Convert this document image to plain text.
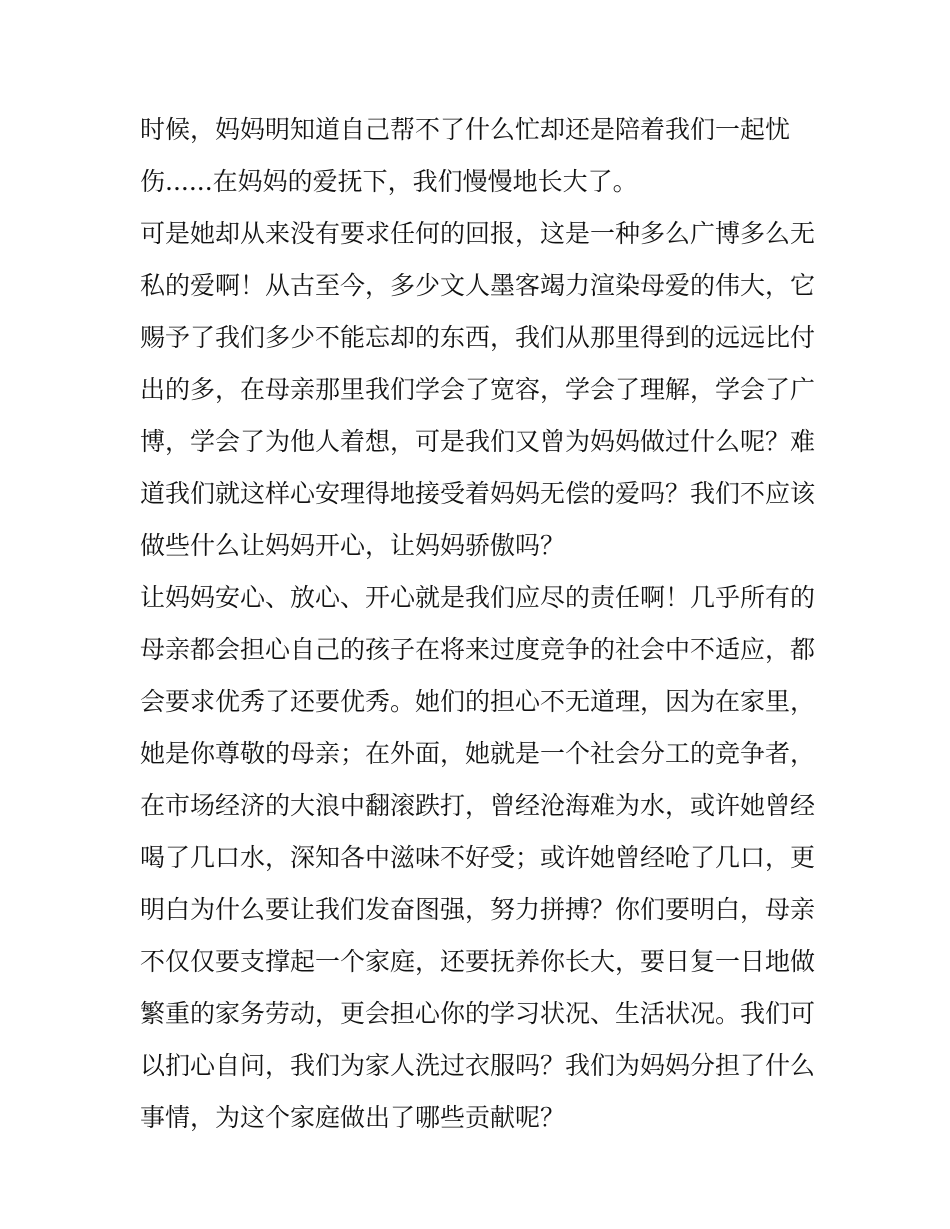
时候，妈妈明知道自己帮不了什么忙却还是陪着我们一起忧
伤......在妈妈的爱抚下，我们慢慢地长大了。
可是她却从来没有要求任何的回报，这是一种多么广博多么无
私的爱啊！从古至今，多少文人墨客竭力渲染母爱的伟大，它
赐予了我们多少不能忘却的东西，我们从那里得到的远远比付
出的多，在母亲那里我们学会了宽容，学会了理解，学会了广
博，学会了为他人着想，可是我们又曾为妈妈做过什么呢？难
道我们就这样心安理得地接受着妈妈无偿的爱吗？我们不应该
做些什么让妈妈开心，让妈妈骄傲吗？
让妈妈安心、放心、开心就是我们应尽的责任啊！几乎所有的
母亲都会担心自己的孩子在将来过度竞争的社会中不适应，都
会要求优秀了还要优秀。她们的担心不无道理，因为在家里，
她是你尊敬的母亲；在外面，她就是一个社会分工的竞争者，
在市场经济的大浪中翻滚跌打，曾经沧海难为水，或许她曾经
喝了几口水，深知各中滋味不好受；或许她曾经呛了几口，更
明白为什么要让我们发奋图强，努力拼搏？你们要明白，母亲
不仅仅要支撑起一个家庭，还要抚养你长大，要日复一日地做
繁重的家务劳动，更会担心你的学习状况、生活状况。我们可
以扪心自问，我们为家人洗过衣服吗？我们为妈妈分担了什么
事情，为这个家庭做出了哪些贡献呢？
